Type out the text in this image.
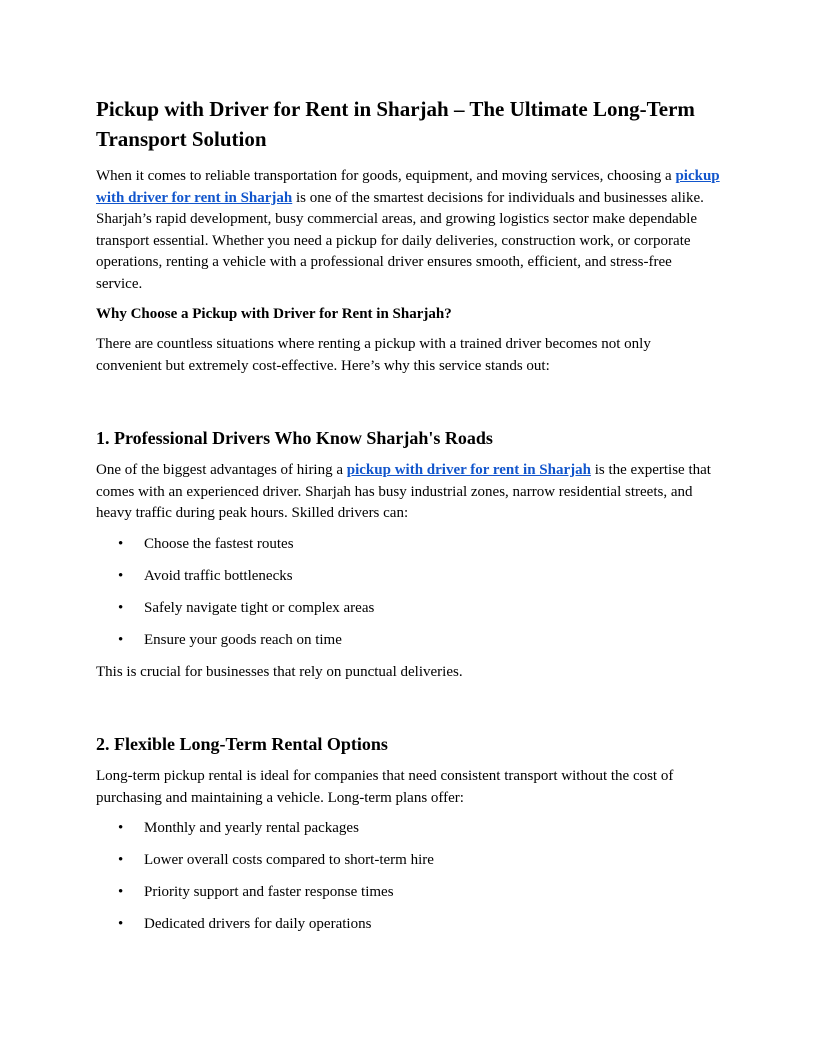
Pickup with Driver for Rent in Sharjah – The Ultimate Long-Term Transport Solution

When it comes to reliable transportation for goods, equipment, and moving services, choosing a pickup with driver for rent in Sharjah is one of the smartest decisions for individuals and businesses alike. Sharjah’s rapid development, busy commercial areas, and growing logistics sector make dependable transport essential. Whether you need a pickup for daily deliveries, construction work, or corporate operations, renting a vehicle with a professional driver ensures smooth, efficient, and stress-free service.

Why Choose a Pickup with Driver for Rent in Sharjah?

There are countless situations where renting a pickup with a trained driver becomes not only convenient but extremely cost-effective. Here’s why this service stands out:

1. Professional Drivers Who Know Sharjah's Roads

One of the biggest advantages of hiring a pickup with driver for rent in Sharjah is the expertise that comes with an experienced driver. Sharjah has busy industrial zones, narrow residential streets, and heavy traffic during peak hours. Skilled drivers can:

• Choose the fastest routes
• Avoid traffic bottlenecks
• Safely navigate tight or complex areas
• Ensure your goods reach on time

This is crucial for businesses that rely on punctual deliveries.

2. Flexible Long-Term Rental Options

Long-term pickup rental is ideal for companies that need consistent transport without the cost of purchasing and maintaining a vehicle. Long-term plans offer:

• Monthly and yearly rental packages
• Lower overall costs compared to short-term hire
• Priority support and faster response times
• Dedicated drivers for daily operations
